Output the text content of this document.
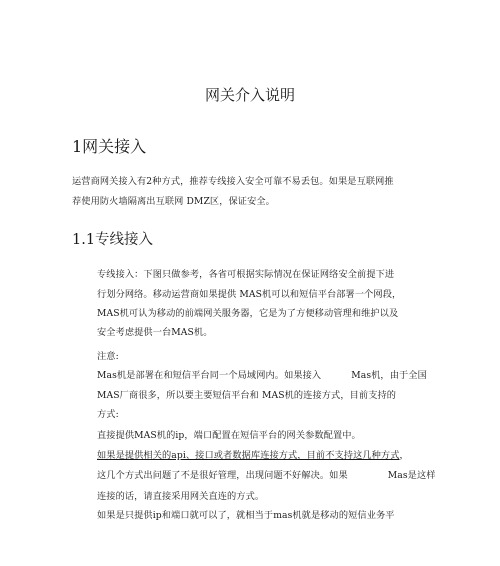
网关介入说明
1网关接入
运营商网关接入有2种方式，推荐专线接入安全可靠不易丢包。如果是互联网推
荐使用防火墙隔离出互联网 DMZ区，保证安全。
1.1专线接入
专线接入：下图只做参考，各省可根据实际情况在保证网络安全前提下进
行划分网络。移动运营商如果提供 MAS机可以和短信平台部署一个网段，
MAS机可认为移动的前端网关服务器，它是为了方便移动管理和维护以及
安全考虑提供一台MAS机。
注意:
Mas机是部署在和短信平台同一个局域网内。如果接入	Mas机，由于全国
MAS厂商很多，所以要主要短信平台和 MAS机的连接方式，目前支持的
方式:
直接提供MAS机的ip，端口配置在短信平台的网关参数配置中。
如果是提供相关的api、接口或者数据库连接方式，目前不支持这几种方式，
这几个方式出问题了不是很好管理，出现问题不好解决。如果	Mas是这样
连接的话，请直接采用网关直连的方式。
如果是只提供ip和端口就可以了，就相当于mas机就是移动的短信业务平
